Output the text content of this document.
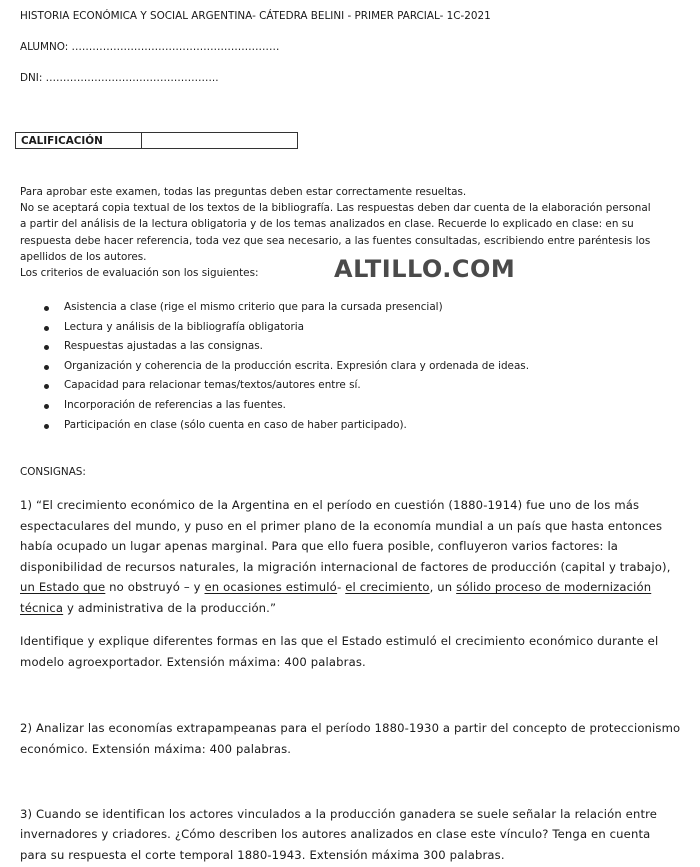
HISTORIA ECONÓMICA Y SOCIAL ARGENTINA- CÁTEDRA BELINI - PRIMER PARCIAL- 1C-2021
ALUMNO: ……………………………………………………
DNI: …………………………………………..
CALIFICACIÓN
Para aprobar este examen, todas las preguntas deben estar correctamente resueltas.
No se aceptará copia textual de los textos de la bibliografía. Las respuestas deben dar cuenta de la elaboración personal
a partir del análisis de la lectura obligatoria y de los temas analizados en clase. Recuerde lo explicado en clase: en su
respuesta debe hacer referencia, toda vez que sea necesario, a las fuentes consultadas, escribiendo entre paréntesis los
apellidos de los autores.
Los criterios de evaluación son los siguientes:	ALTILLO.COM
Asistencia a clase (rige el mismo criterio que para la cursada presencial)
Lectura y análisis de la bibliografía obligatoria
Respuestas ajustadas a las consignas.
Organización y coherencia de la producción escrita. Expresión clara y ordenada de ideas.
Capacidad para relacionar temas/textos/autores entre sí.
Incorporación de referencias a las fuentes.
Participación en clase (sólo cuenta en caso de haber participado).
CONSIGNAS:
1) “El crecimiento económico de la Argentina en el período en cuestión (1880-1914) fue uno de los más
espectaculares del mundo, y puso en el primer plano de la economía mundial a un país que hasta entonces
había ocupado un lugar apenas marginal. Para que ello fuera posible, confluyeron varios factores: la
disponibilidad de recursos naturales, la migración internacional de factores de producción (capital y trabajo),
un Estado que no obstruyó – y en ocasiones estimuló- el crecimiento, un sólido proceso de modernización
técnica y administrativa de la producción.”
Identifique y explique diferentes formas en las que el Estado estimuló el crecimiento económico durante el
modelo agroexportador. Extensión máxima: 400 palabras.
2) Analizar las economías extrapampeanas para el período 1880-1930 a partir del concepto de proteccionismo
económico. Extensión máxima: 400 palabras.
3) Cuando se identifican los actores vinculados a la producción ganadera se suele señalar la relación entre
invernadores y criadores. ¿Cómo describen los autores analizados en clase este vínculo? Tenga en cuenta
para su respuesta el corte temporal 1880-1943. Extensión máxima 300 palabras.
